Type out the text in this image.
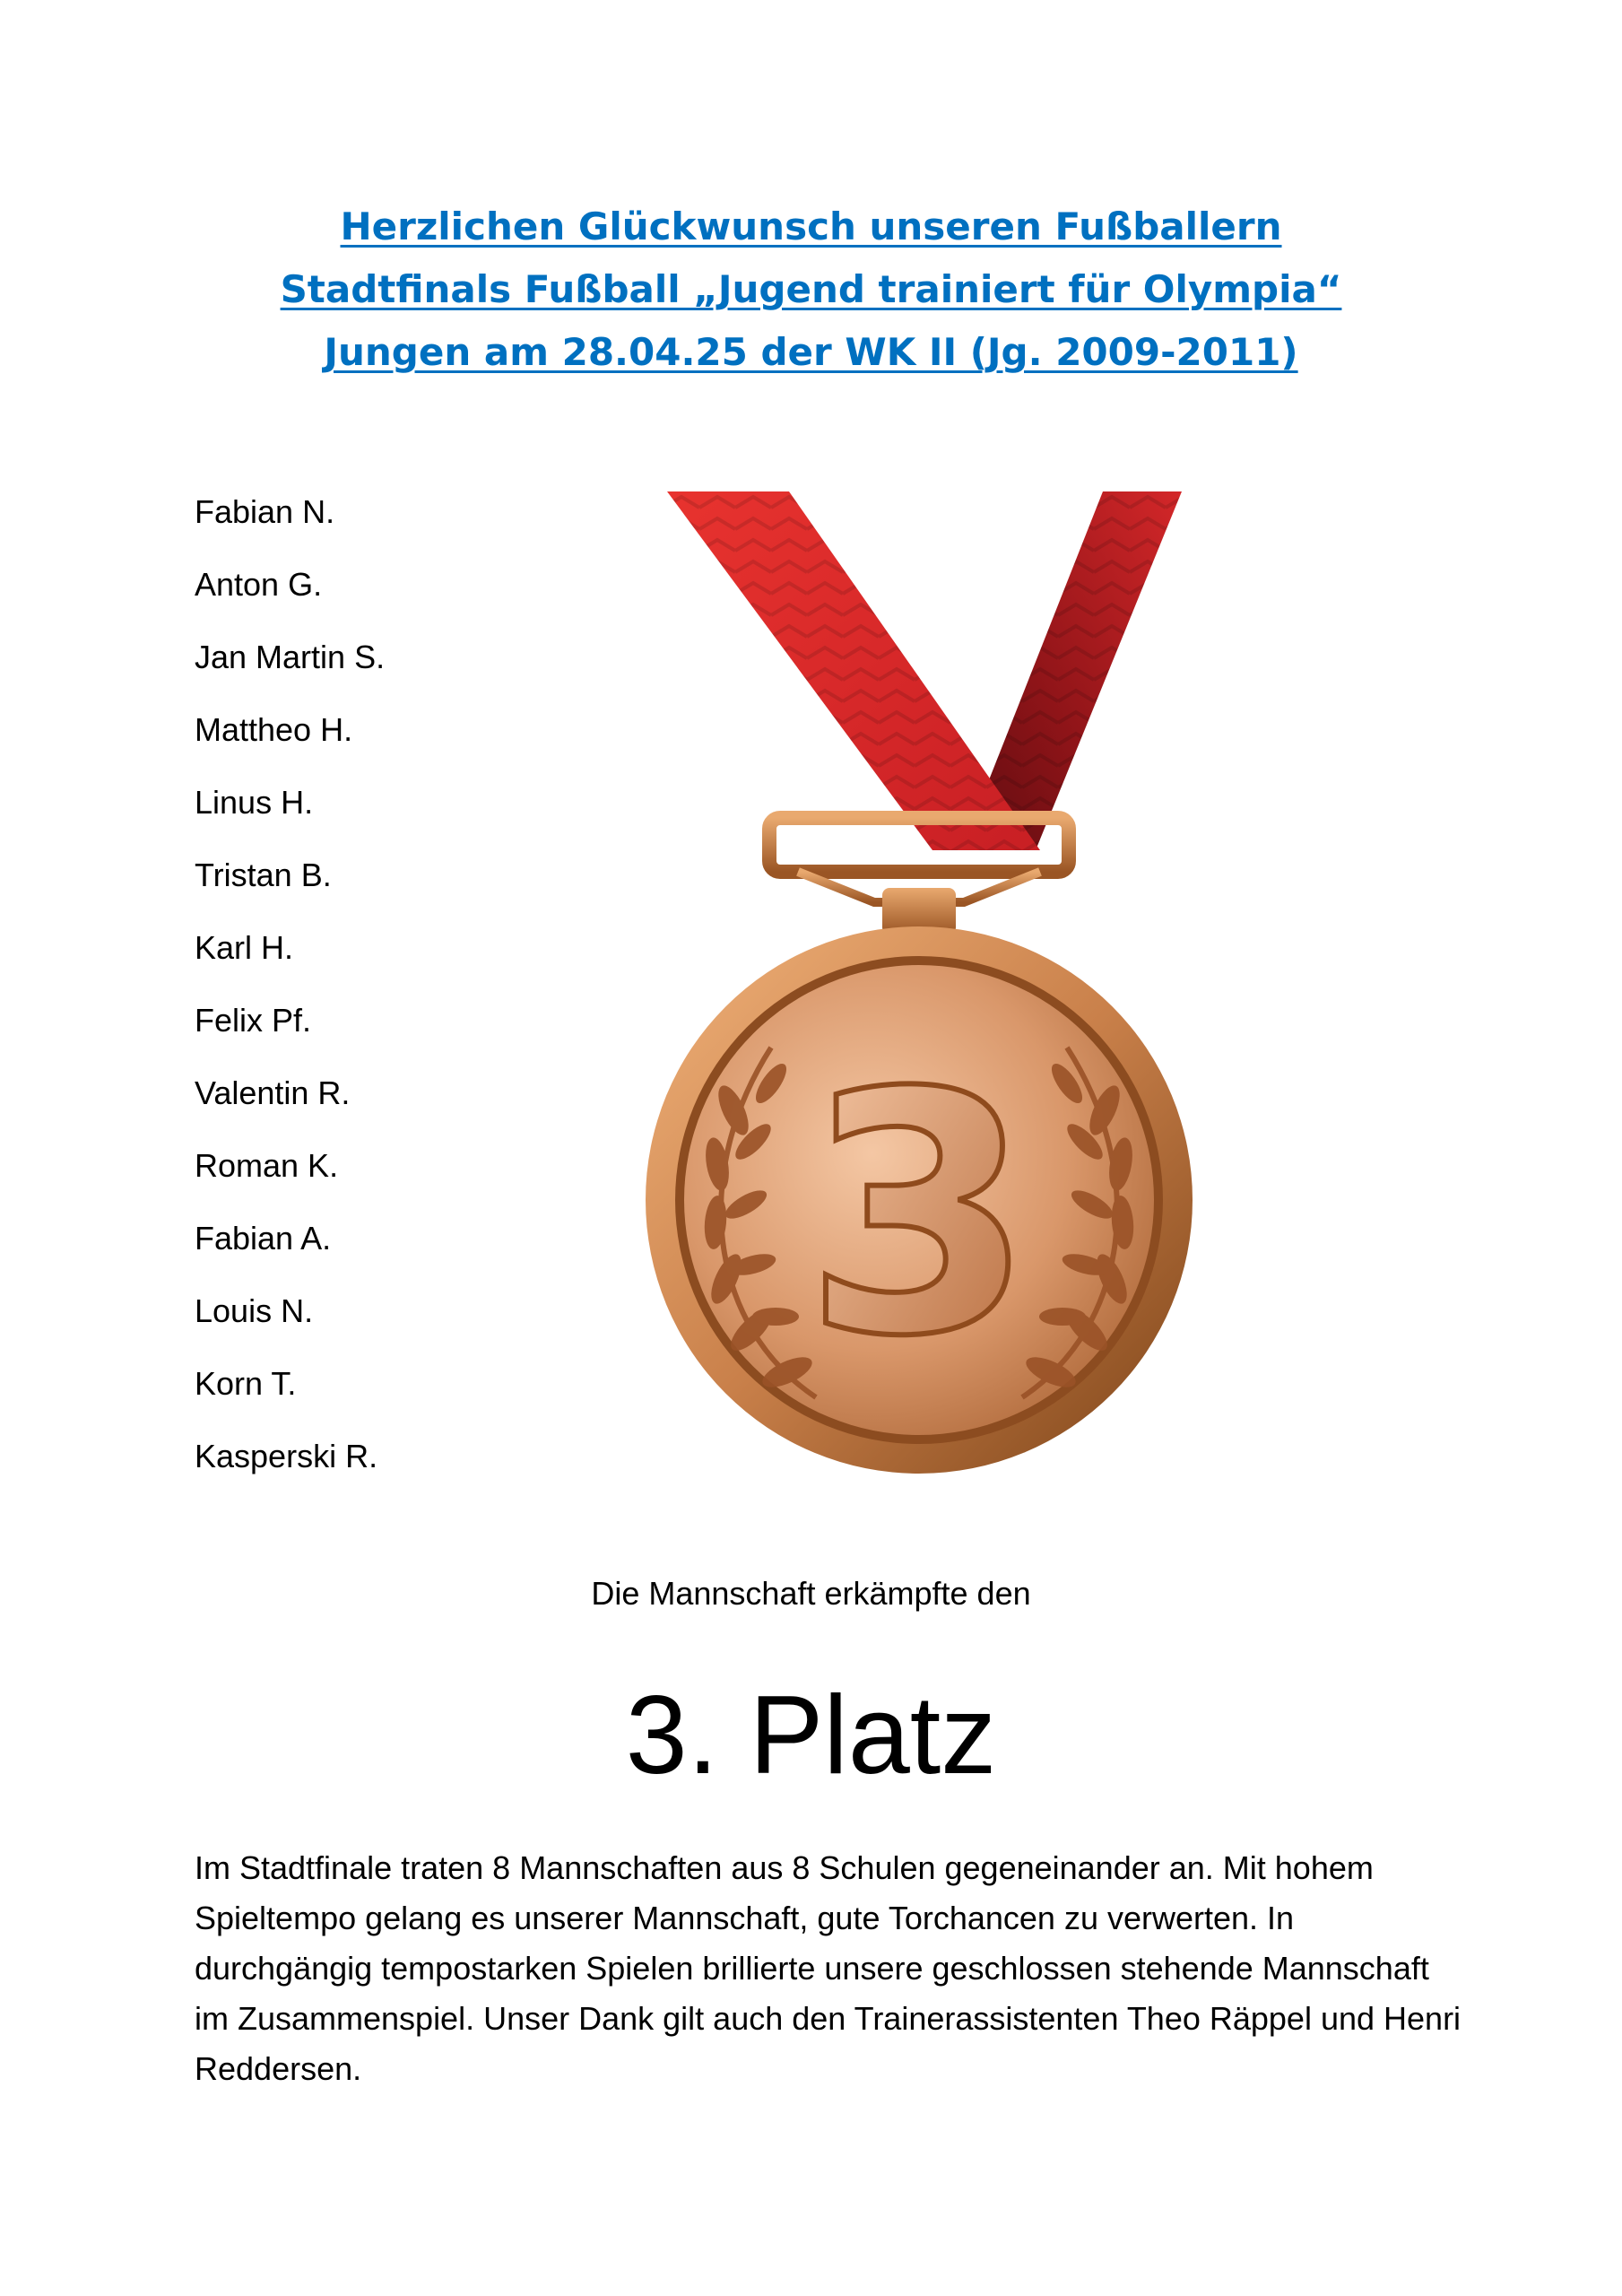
Herzlichen Glückwunsch unseren Fußballern
Stadtfinals Fußball „Jugend trainiert für Olympia“
Jungen am 28.04.25 der WK II (Jg. 2009-2011)
Fabian N.
Anton G.
Jan Martin S.
Mattheo H.
Linus H.
Tristan B.
Karl H.
Felix Pf.
Valentin R.
Roman K.
Fabian A.
Louis N.
Korn T.
Kasperski R.
3
Die Mannschaft erkämpfte den
3. Platz

Im Stadtfinale traten 8 Mannschaften aus 8 Schulen gegeneinander an. Mit hohem Spieltempo gelang es unserer Mannschaft, gute Torchancen zu verwerten. In durchgängig tempostarken Spielen brillierte unsere geschlossen stehende Mannschaft im Zusammenspiel. Unser Dank gilt auch den Trainerassistenten Theo Räppel und Henri Reddersen.
